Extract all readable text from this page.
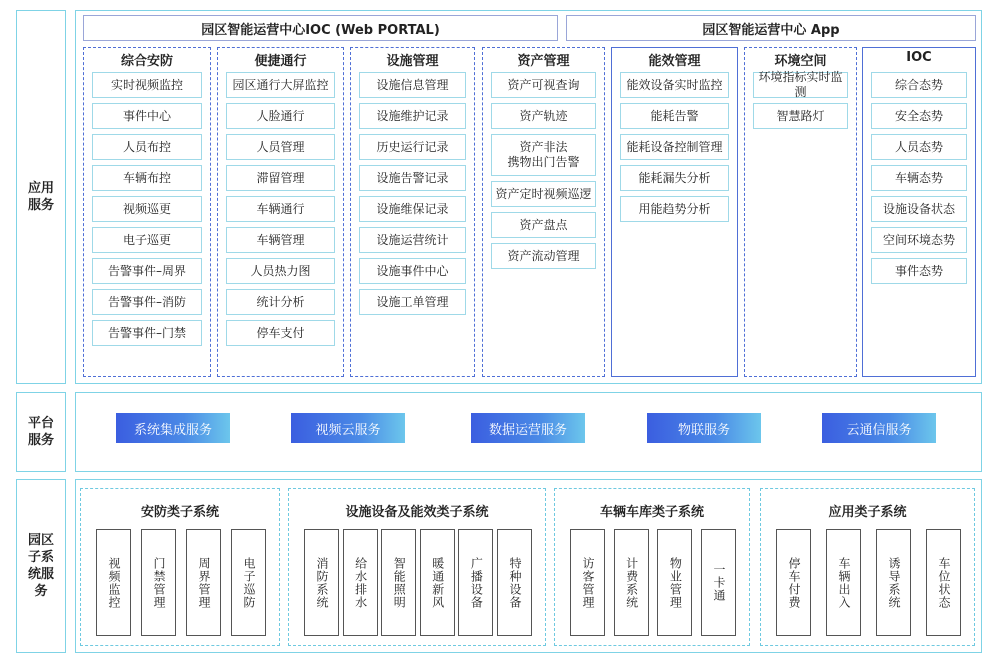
应用
服务
平台
服务
园区
子系
统服
务
园区智能运营中心IOC (Web PORTAL)	园区智能运营中心 App
综合安防
实时视频监控
事件中心
人员布控
车辆布控
视频巡更
电子巡更
告警事件–周界
告警事件–消防
告警事件–门禁
便捷通行
园区通行大屏监控
人脸通行
人员管理
滞留管理
车辆通行
车辆管理
人员热力图
统计分析
停车支付
设施管理
设施信息管理
设施维护记录
历史运行记录
设施告警记录
设施维保记录
设施运营统计
设施事件中心
设施工单管理
资产管理
资产可视查询
资产轨迹
资产非法
携物出门告警
资产定时视频巡逻
资产盘点
资产流动管理
能效管理
能效设备实时监控
能耗告警
能耗设备控制管理
能耗漏失分析
用能趋势分析
环境空间
环境指标实时监测
智慧路灯
IOC
综合态势
安全态势
人员态势
车辆态势
设施设备状态
空间环境态势
事件态势
系统集成服务	视频云服务	数据运营服务	物联服务	云通信服务
安防类子系统
视频监控	门禁管理	周界管理	电子巡防
设施设备及能效类子系统
消防系统	给水排水	智能照明	暖通新风	广播设备	特种设备
车辆车库类子系统
访客管理	计费系统	物业管理	一卡通
应用类子系统
停车付费	车辆出入	诱导系统	车位状态
